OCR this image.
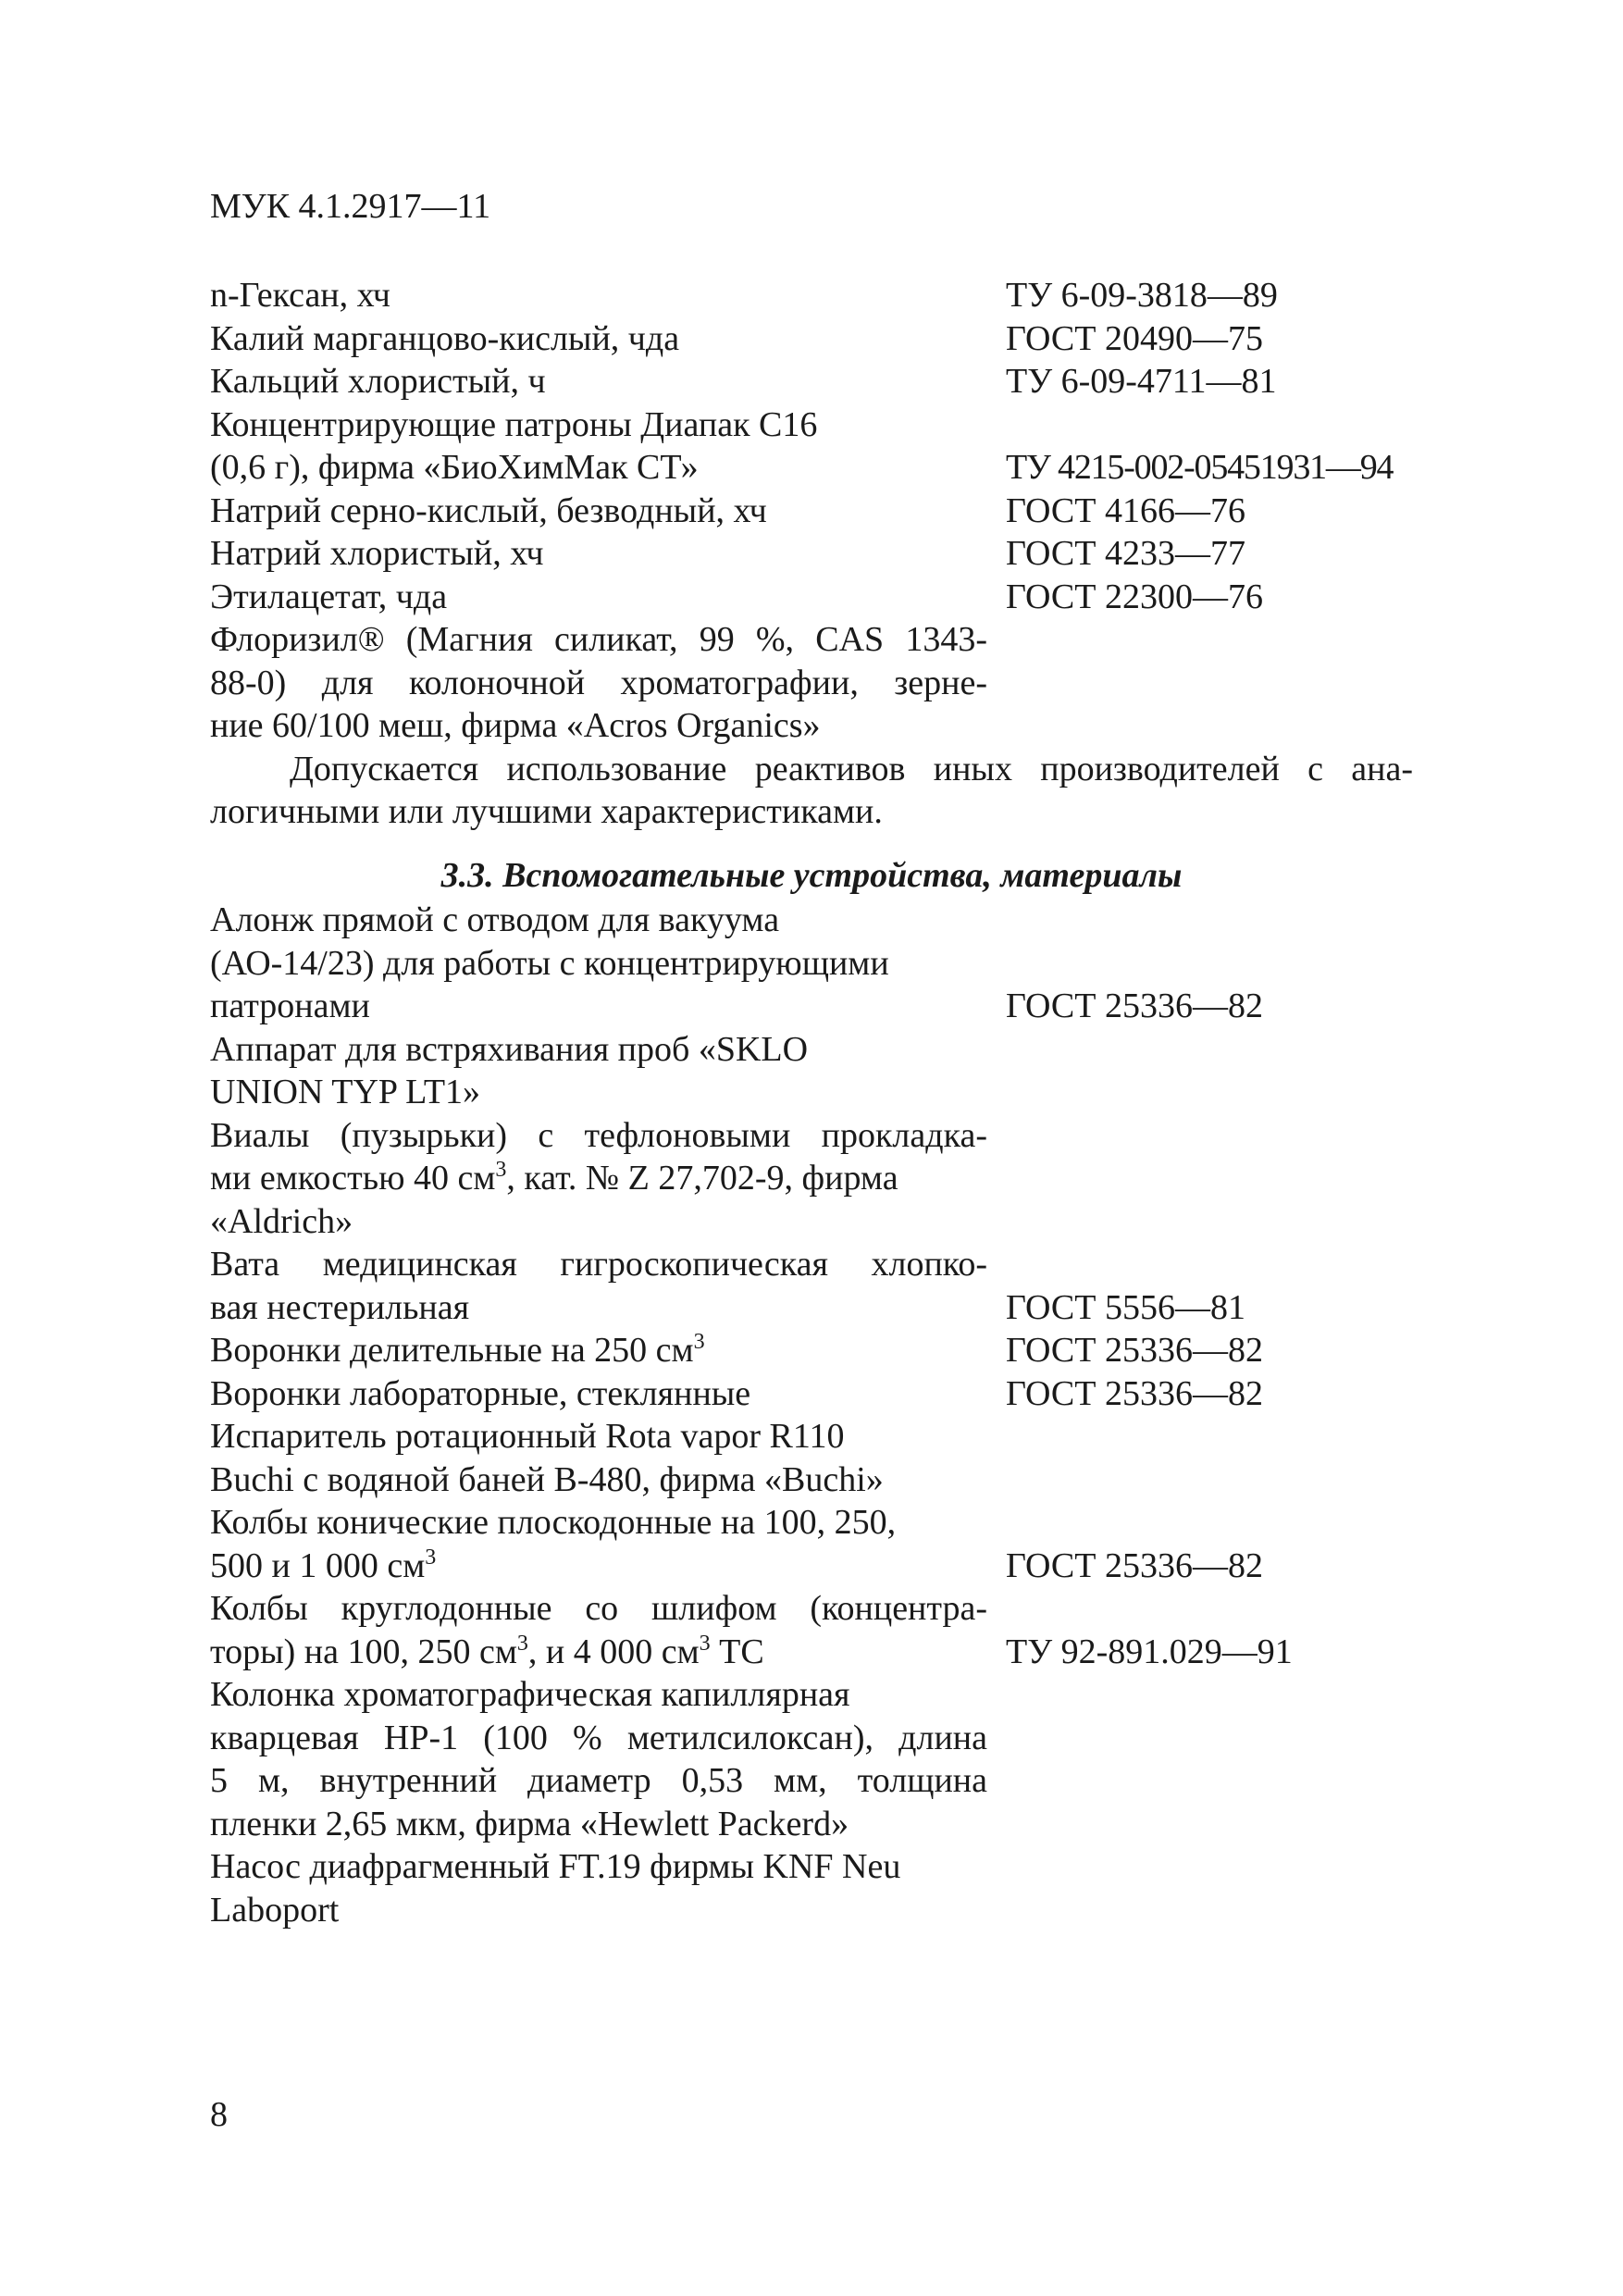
МУК 4.1.2917—11
n-Гексан, хч	ТУ 6-09-3818—89
Калий марганцово-кислый, чда	ГОСТ 20490—75
Кальций хлористый, ч	ТУ 6-09-4711—81
Концентрирующие патроны Диапак С16
(0,6 г), фирма «БиоХимМак СТ»	ТУ 4215-002-05451931—94
Натрий серно-кислый, безводный, хч	ГОСТ 4166—76
Натрий хлористый, хч	ГОСТ 4233—77
Этилацетат, чда	ГОСТ 22300—76
Флоризил® (Магния силикат, 99 %, CAS 1343-
88-0) для колоночной хроматографии, зерне-
ние 60/100 меш, фирма «Acros Organics»
Допускается использование реактивов иных производителей с ана-
логичными или лучшими характеристиками.
3.3. Вспомогательные устройства, материалы
Алонж прямой с отводом для вакуума
(АО-14/23) для работы с концентрирующими
патронами	ГОСТ 25336—82
Аппарат для встряхивания проб «SKLO
UNION TYP LT1»
Виалы (пузырьки) с тефлоновыми прокладка-
ми емкостью 40 $см^3$, кат. № Z 27,702-9, фирма
«Aldrich»
Вата медицинская гигроскопическая хлопко-
вая нестерильная	ГОСТ 5556—81
Воронки делительные на 250 $см^3$	ГОСТ 25336—82
Воронки лабораторные, стеклянные	ГОСТ 25336—82
Испаритель ротационный Rota vapor R110
Buchi с водяной баней В-480, фирма «Buchi»
Колбы конические плоскодонные на 100, 250,
500 и 1 000 $см^3$	ГОСТ 25336—82
Колбы круглодонные со шлифом (концентра-
торы) на 100, 250 $см^3$, и 4 000 $см^3$ ТС	ТУ 92-891.029—91
Колонка хроматографическая капиллярная
кварцевая НР-1 (100 % метилсилоксан), длина
5 м, внутренний диаметр 0,53 мм, толщина
пленки 2,65 мкм, фирма «Hewlett Packerd»
Насос диафрагменный FT.19 фирмы KNF Neu
Laboport
8
